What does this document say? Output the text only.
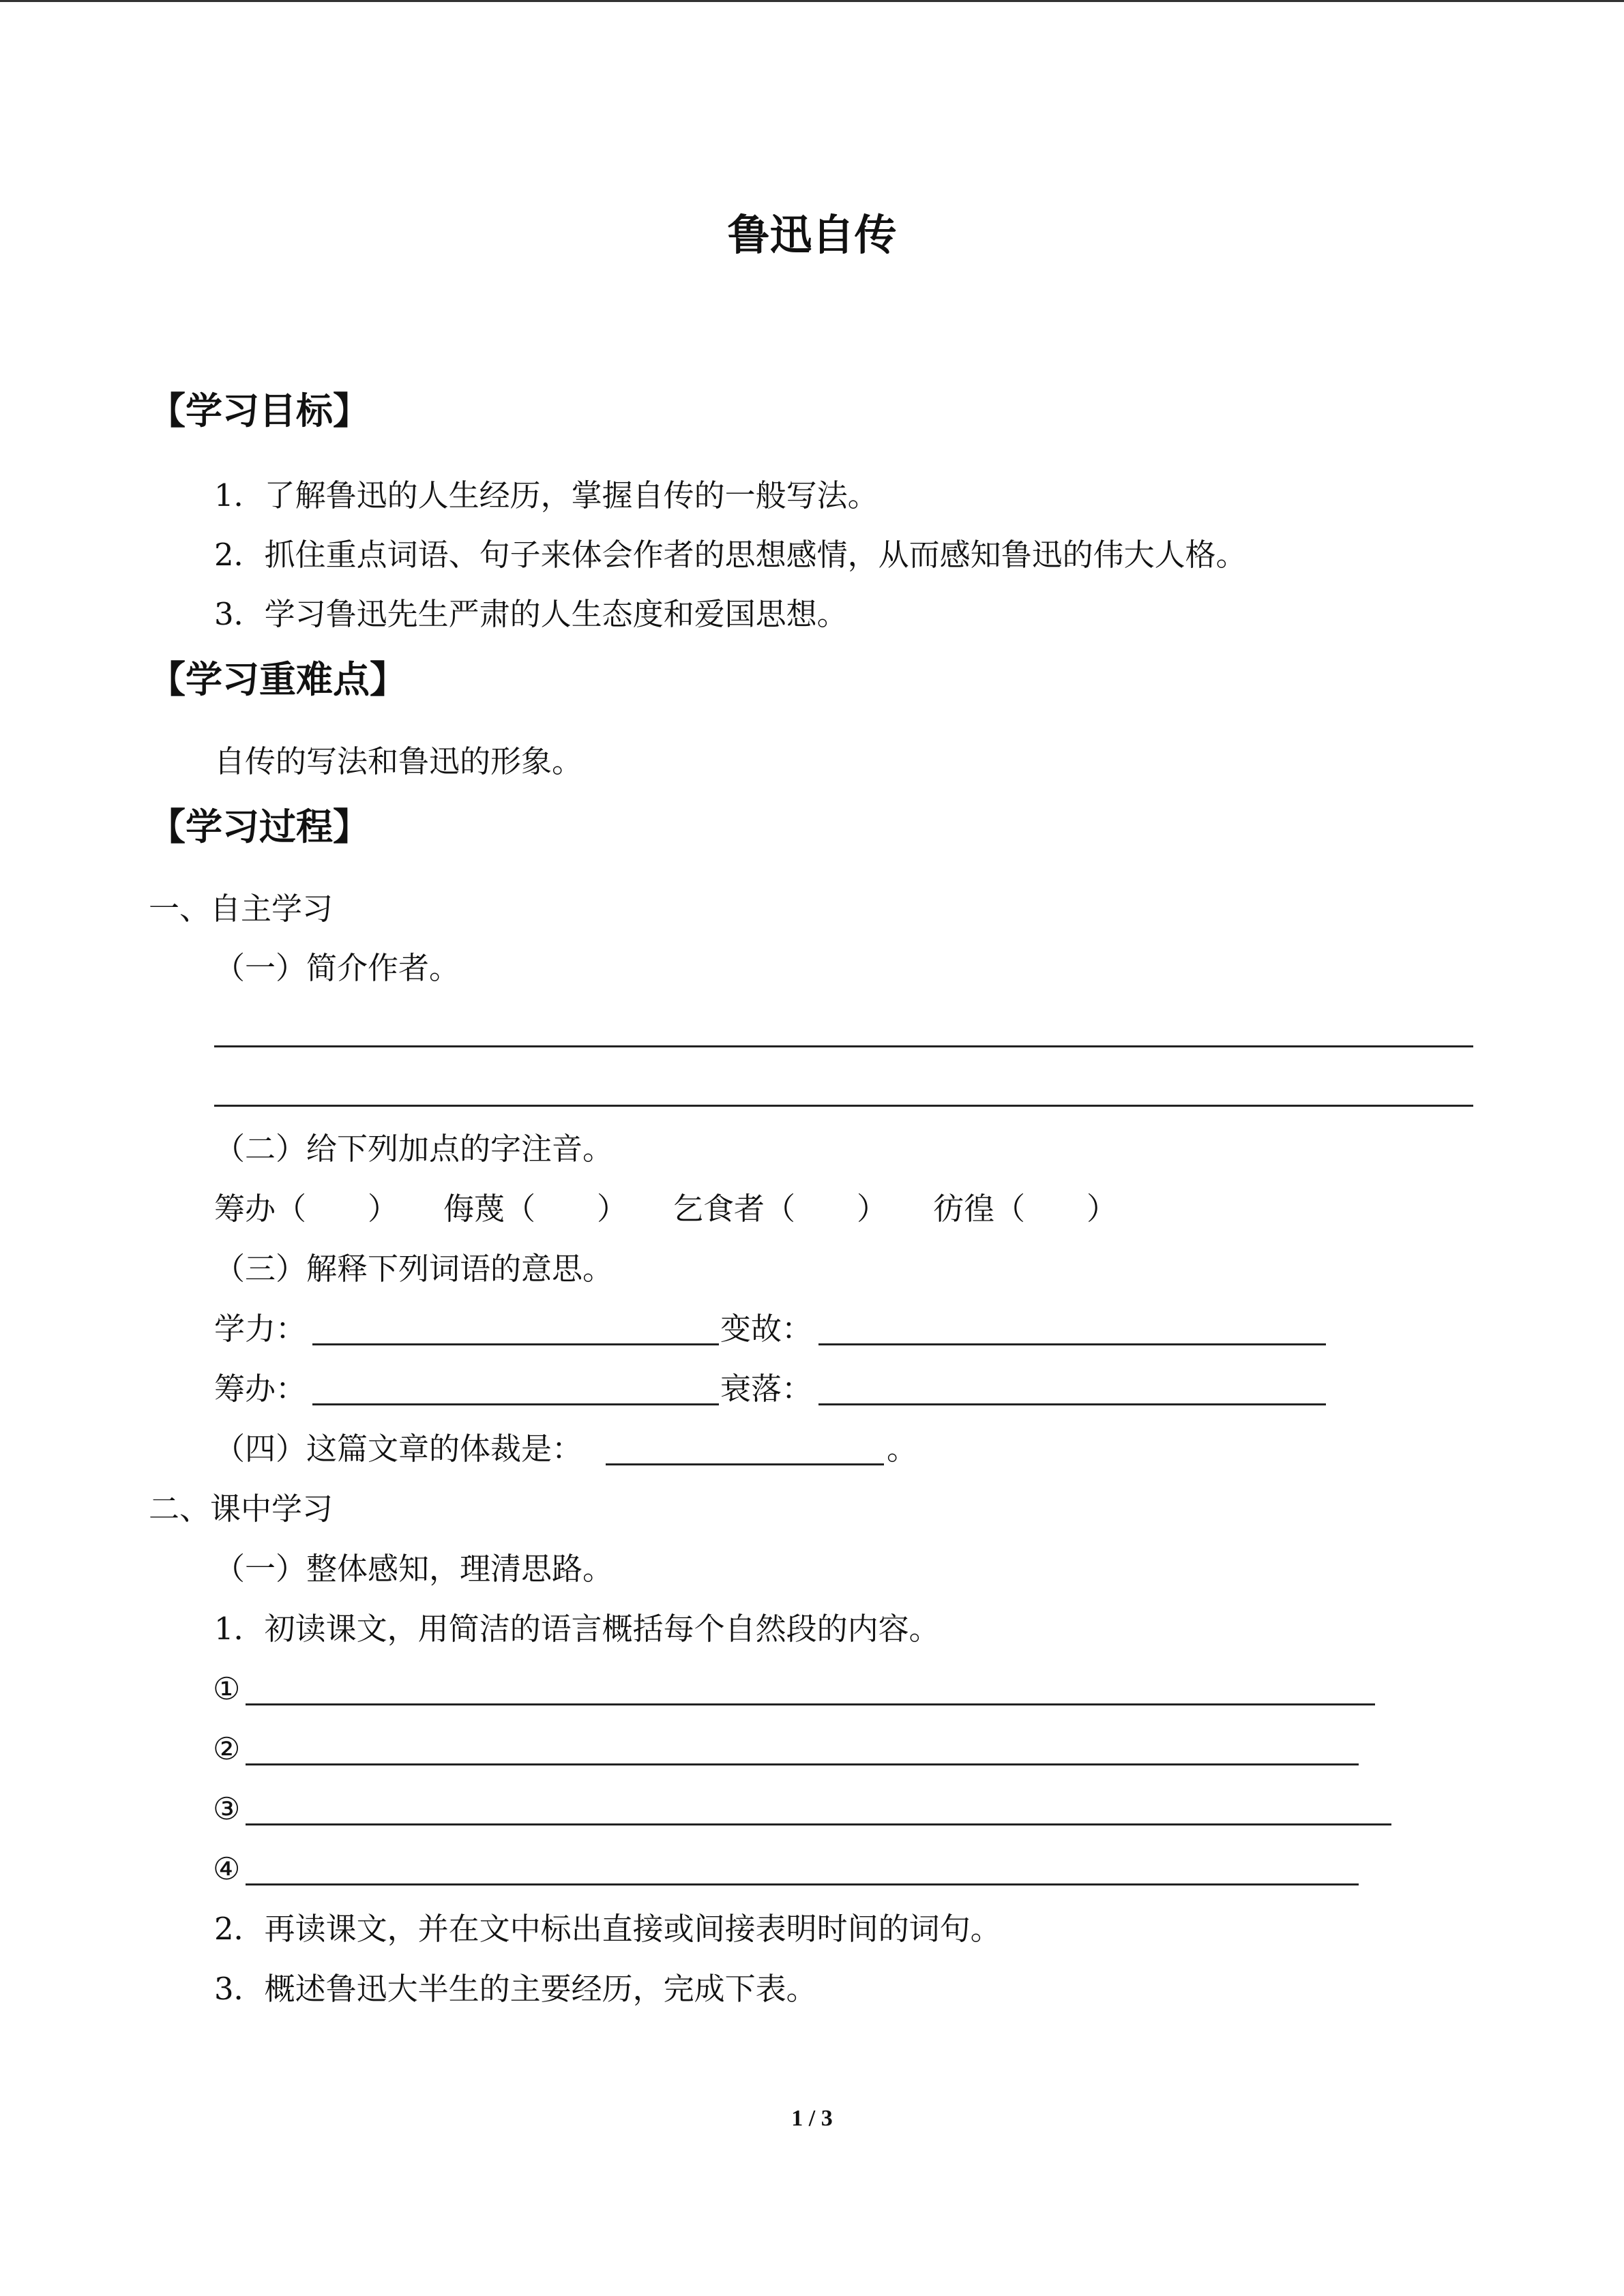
鲁迅自传
【学习目标】
1．了解鲁迅的人生经历，掌握自传的一般写法。
2．抓住重点词语、句子来体会作者的思想感情，从而感知鲁迅的伟大人格。
3．学习鲁迅先生严肃的人生态度和爱国思想。
【学习重难点】
自传的写法和鲁迅的形象。
【学习过程】
一、自主学习
（一）简介作者。
（二）给下列加点的字注音。
筹办（　　） 侮蔑（　　） 乞食者（　　） 彷徨（　　）
（三）解释下列词语的意思。
学力：	变故：
筹办：	衰落：
（四）这篇文章的体裁是：	。
二、课中学习
（一）整体感知，理清思路。
1．初读课文，用简洁的语言概括每个自然段的内容。
①
②
③
④
2．再读课文，并在文中标出直接或间接表明时间的词句。
3．概述鲁迅大半生的主要经历，完成下表。
1 / 3
